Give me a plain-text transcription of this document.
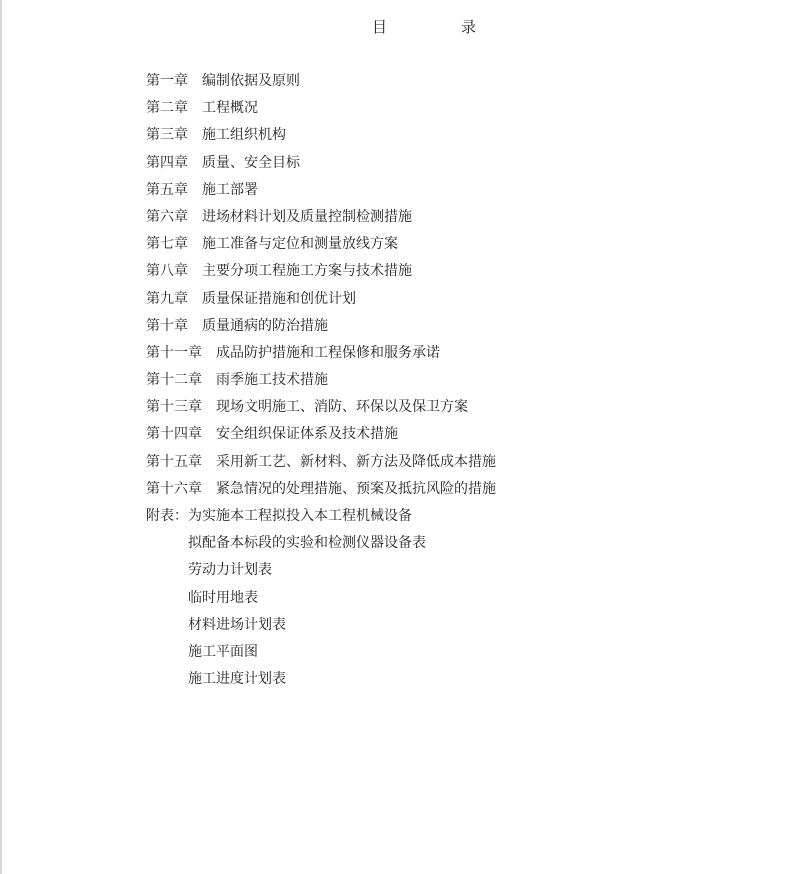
目	录
第一章 编制依据及原则
第二章 工程概况
第三章 施工组织机构
第四章 质量、安全目标
第五章 施工部署
第六章 进场材料计划及质量控制检测措施
第七章 施工准备与定位和测量放线方案
第八章 主要分项工程施工方案与技术措施
第九章 质量保证措施和创优计划
第十章 质量通病的防治措施
第十一章 成品防护措施和工程保修和服务承诺
第十二章 雨季施工技术措施
第十三章 现场文明施工、消防、环保以及保卫方案
第十四章 安全组织保证体系及技术措施
第十五章 采用新工艺、新材料、新方法及降低成本措施
第十六章 紧急情况的处理措施、预案及抵抗风险的措施
附表：为实施本工程拟投入本工程机械设备
拟配备本标段的实验和检测仪器设备表
劳动力计划表
临时用地表
材料进场计划表
施工平面图
施工进度计划表
